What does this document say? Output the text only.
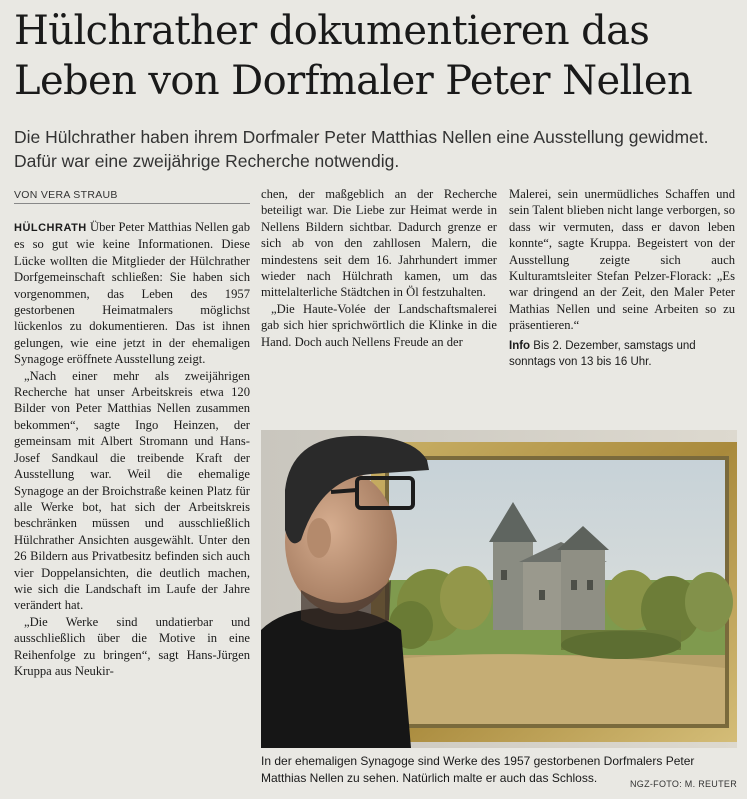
Hülchrather dokumentieren das
Leben von Dorfmaler Peter Nellen

Die Hülchrather haben ihrem Dorfmaler Peter Matthias Nellen eine Ausstellung gewidmet. Dafür war eine zweijährige Recherche notwendig.

VON VERA STRAUB

HÜLCHRATH Über Peter Matthias Nellen gab es so gut wie keine Informationen. Diese Lücke wollten die Mitglieder der Hülchrather Dorfgemeinschaft schließen: Sie haben sich vorgenommen, das Leben des 1957 gestorbenen Heimatmalers möglichst lückenlos zu dokumentieren. Das ist ihnen gelungen, wie eine jetzt in der ehemaligen Synagoge eröffnete Ausstellung zeigt.

„Nach einer mehr als zweijährigen Recherche hat unser Arbeitskreis etwa 120 Bilder von Peter Matthias Nellen zusammen bekommen“, sagte Ingo Heinzen, der gemeinsam mit Albert Stromann und Hans-Josef Sandkaul die treibende Kraft der Ausstellung war. Weil die ehemalige Synagoge an der Broichstraße keinen Platz für alle Werke bot, hat sich der Arbeitskreis beschränken müssen und ausschließlich Hülchrather Ansichten ausgewählt. Unter den 26 Bildern aus Privatbesitz befinden sich auch vier Doppelansichten, die deutlich machen, wie sich die Landschaft im Laufe der Jahre verändert hat.

„Die Werke sind undatierbar und ausschließlich über die Motive in eine Reihenfolge zu bringen“, sagt Hans-Jürgen Kruppa aus Neukir-

chen, der maßgeblich an der Recherche beteiligt war. Die Liebe zur Heimat werde in Nellens Bildern sichtbar. Dadurch grenze er sich ab von den zahllosen Malern, die mindestens seit dem 16. Jahrhundert immer wieder nach Hülchrath kamen, um das mittelalterliche Städtchen in Öl festzuhalten.

„Die Haute-Volée der Landschaftsmalerei gab sich hier sprichwörtlich die Klinke in die Hand. Doch auch Nellens Freude an der

Malerei, sein unermüdliches Schaffen und sein Talent blieben nicht lange verborgen, so dass wir vermuten, dass er davon leben konnte“, sagte Kruppa. Begeistert von der Ausstellung zeigte sich auch Kulturamtsleiter Stefan Pelzer-Florack: „Es war dringend an der Zeit, den Maler Peter Mathias Nellen und seine Arbeiten so zu präsentieren.“

Info Bis 2. Dezember, samstags und sonntags von 13 bis 16 Uhr.

In der ehemaligen Synagoge sind Werke des 1957 gestorbenen Dorfmalers Peter Matthias Nellen zu sehen. Natürlich malte er auch das Schloss.	NGZ-FOTO: M. REUTER
